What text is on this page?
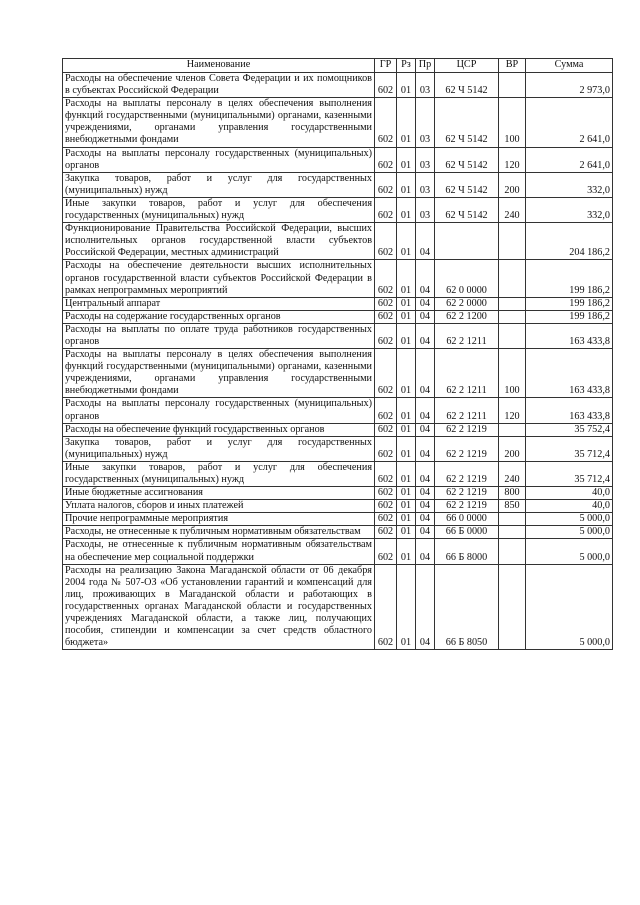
Наименование	ГР	Рз	Пр	ЦСР	ВР	Сумма
Расходы на обеспечение членов Совета Федерации и их помощников в субъектах Российской Федерации	602	01	03	62 Ч 5142		2 973,0
Расходы на выплаты персоналу в целях обеспечения выполнения функций государственными (муниципальными) органами, казенными учреждениями, органами управления государственными внебюджетными фондами	602	01	03	62 Ч 5142	100	2 641,0
Расходы на выплаты персоналу государственных (муниципальных) органов	602	01	03	62 Ч 5142	120	2 641,0
Закупка товаров, работ и услуг для государственных (муниципальных) нужд	602	01	03	62 Ч 5142	200	332,0
Иные закупки товаров, работ и услуг для обеспечения государственных (муниципальных) нужд	602	01	03	62 Ч 5142	240	332,0
Функционирование Правительства Российской Федерации, высших исполнительных органов государственной власти субъектов Российской Федерации, местных администраций	602	01	04			204 186,2
Расходы на обеспечение деятельности высших исполнительных органов государственной власти субъектов Российской Федерации в рамках непрограммных мероприятий	602	01	04	62 0 0000		199 186,2
Центральный аппарат	602	01	04	62 2 0000		199 186,2
Расходы на содержание государственных органов	602	01	04	62 2 1200		199 186,2
Расходы на выплаты по оплате труда работников государственных органов	602	01	04	62 2 1211		163 433,8
Расходы на выплаты персоналу в целях обеспечения выполнения функций государственными (муниципальными) органами, казенными учреждениями, органами управления государственными внебюджетными фондами	602	01	04	62 2 1211	100	163 433,8
Расходы на выплаты персоналу государственных (муниципальных) органов	602	01	04	62 2 1211	120	163 433,8
Расходы на обеспечение функций государственных органов	602	01	04	62 2 1219		35 752,4
Закупка товаров, работ и услуг для государственных (муниципальных) нужд	602	01	04	62 2 1219	200	35 712,4
Иные закупки товаров, работ и услуг для обеспечения государственных (муниципальных) нужд	602	01	04	62 2 1219	240	35 712,4
Иные бюджетные ассигнования	602	01	04	62 2 1219	800	40,0
Уплата налогов, сборов и иных платежей	602	01	04	62 2 1219	850	40,0
Прочие непрограммные мероприятия	602	01	04	66 0 0000		5 000,0
Расходы, не отнесенные к публичным нормативным обязательствам	602	01	04	66 Б 0000		5 000,0
Расходы, не отнесенные к публичным нормативным обязательствам на обеспечение мер социальной поддержки	602	01	04	66 Б 8000		5 000,0
Расходы на реализацию Закона Магаданской области от 06 декабря 2004 года № 507-ОЗ «Об установлении гарантий и компенсаций для лиц, проживающих в Магаданской области и работающих в государственных органах Магаданской области и государственных учреждениях Магаданской области, а также лиц, получающих пособия, стипендии и компенсации за счет средств областного бюджета»	602	01	04	66 Б 8050		5 000,0
